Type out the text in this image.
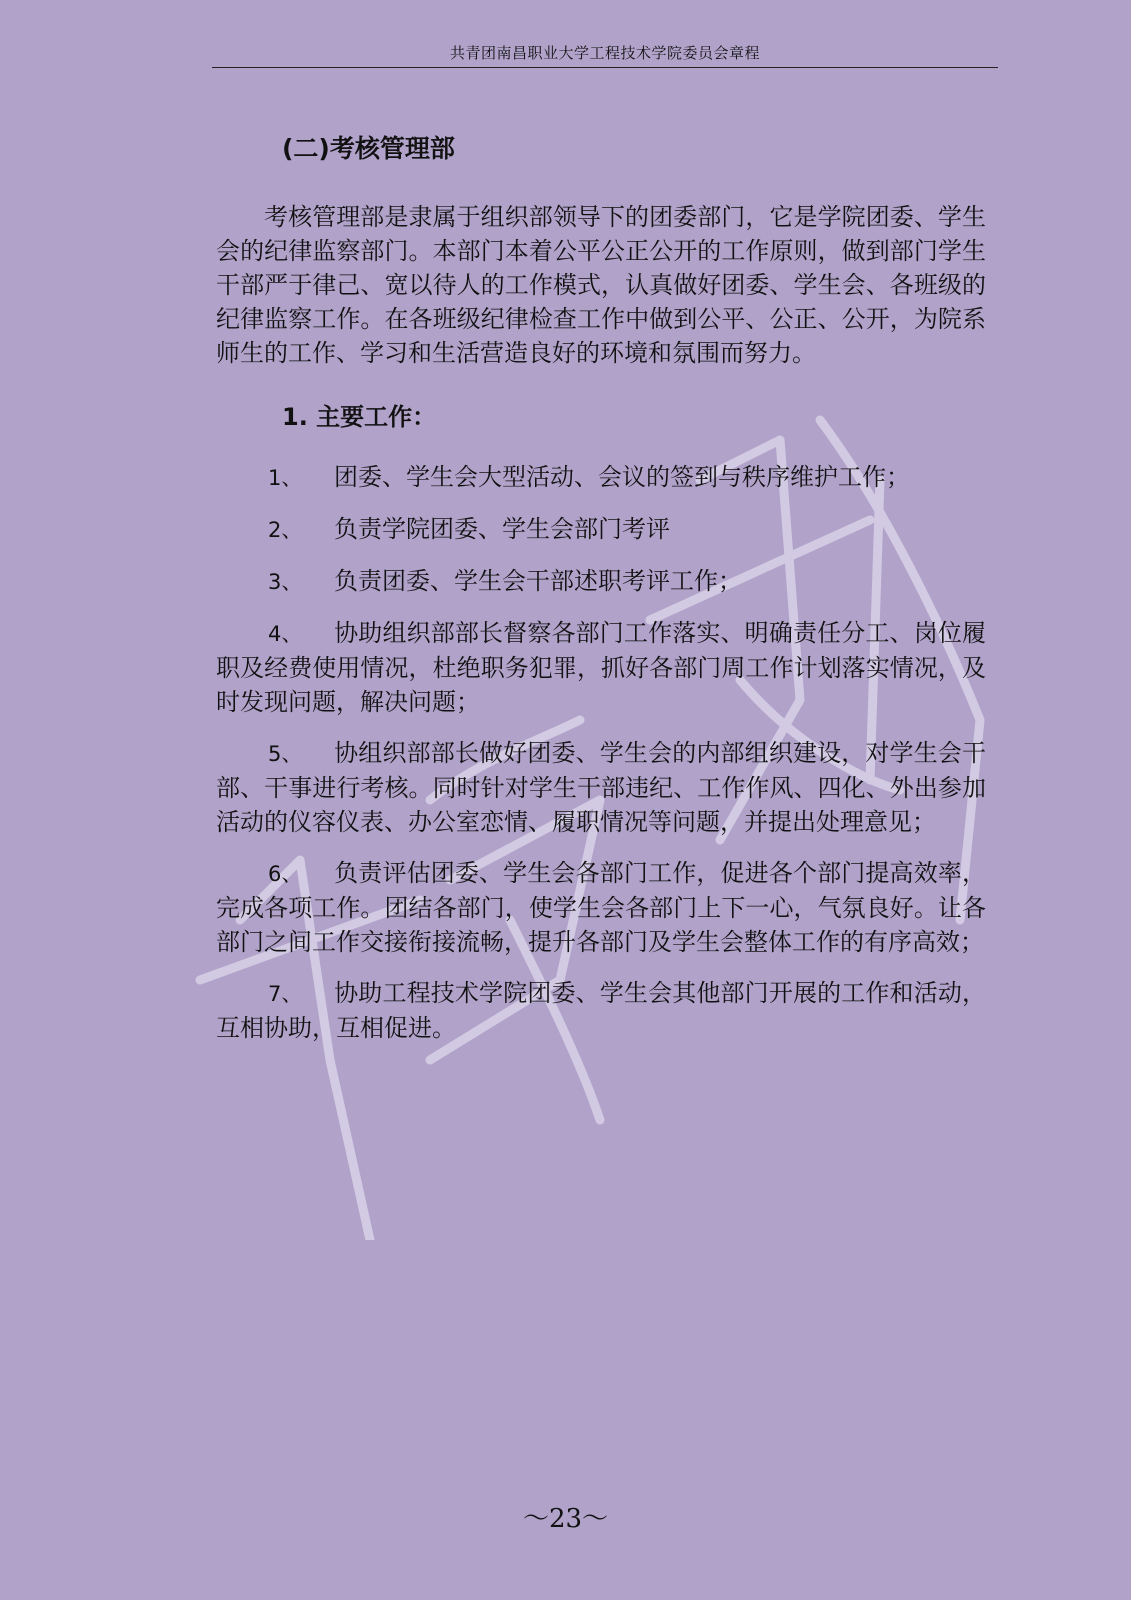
共青团南昌职业大学工程技术学院委员会章程
(二)考核管理部

考核管理部是隶属于组织部领导下的团委部门，它是学院团委、学生会的纪律监察部门。本部门本着公平公正公开的工作原则，做到部门学生干部严于律己、宽以待人的工作模式，认真做好团委、学生会、各班级的纪律监察工作。在各班级纪律检查工作中做到公平、公正、公开，为院系师生的工作、学习和生活营造良好的环境和氛围而努力。

1. 主要工作：

1、 团委、学生会大型活动、会议的签到与秩序维护工作；

2、 负责学院团委、学生会部门考评

3、 负责团委、学生会干部述职考评工作；

4、 协助组织部部长督察各部门工作落实、明确责任分工、岗位履职及经费使用情况，杜绝职务犯罪，抓好各部门周工作计划落实情况，及时发现问题，解决问题；

5、 协组织部部长做好团委、学生会的内部组织建设，对学生会干部、干事进行考核。同时针对学生干部违纪、工作作风、四化、外出参加活动的仪容仪表、办公室恋情、履职情况等问题，并提出处理意见；

6、 负责评估团委、学生会各部门工作，促进各个部门提高效率，完成各项工作。团结各部门，使学生会各部门上下一心，气氛良好。让各部门之间工作交接衔接流畅，提升各部门及学生会整体工作的有序高效；

7、 协助工程技术学院团委、学生会其他部门开展的工作和活动，互相协助，互相促进。

～23～
